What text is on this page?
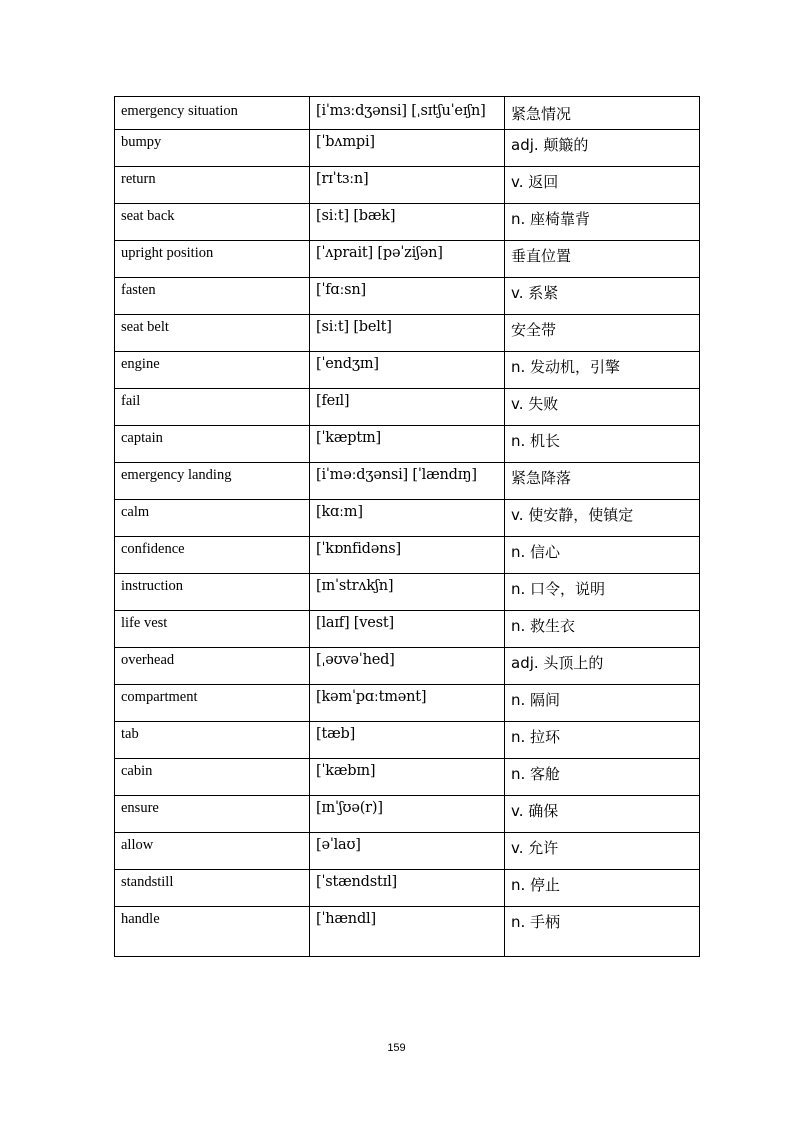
emergency situation	[iˈmɜːdʒənsi] [ˌsɪtʃuˈeɪʃn]	紧急情况
bumpy	[ˈbʌmpi]	adj. 颠簸的
return	[rɪˈtɜːn]	v. 返回
seat back	[siːt] [bæk]	n. 座椅靠背
upright position	[ˈʌprait] [pəˈziʃən]	垂直位置
fasten	[ˈfɑːsn]	v. 系紧
seat belt	[siːt] [belt]	安全带
engine	[ˈendʒɪn]	n. 发动机，引擎
fail	[feɪl]	v. 失败
captain	[ˈkæptɪn]	n. 机长
emergency landing	[iˈməːdʒənsi] [ˈlændɪŋ]	紧急降落
calm	[kɑːm]	v. 使安静，使镇定
confidence	[ˈkɒnfidəns]	n. 信心
instruction	[ɪnˈstrʌkʃn]	n. 口令，说明
life vest	[laɪf] [vest]	n. 救生衣
overhead	[ˌəʊvəˈhed]	adj. 头顶上的
compartment	[kəmˈpɑːtmənt]	n. 隔间
tab	[tæb]	n. 拉环
cabin	[ˈkæbɪn]	n. 客舱
ensure	[ɪnˈʃʊə(r)]	v. 确保
allow	[əˈlaʊ]	v. 允许
standstill	[ˈstændstɪl]	n. 停止
handle	[ˈhændl]	n. 手柄
159
